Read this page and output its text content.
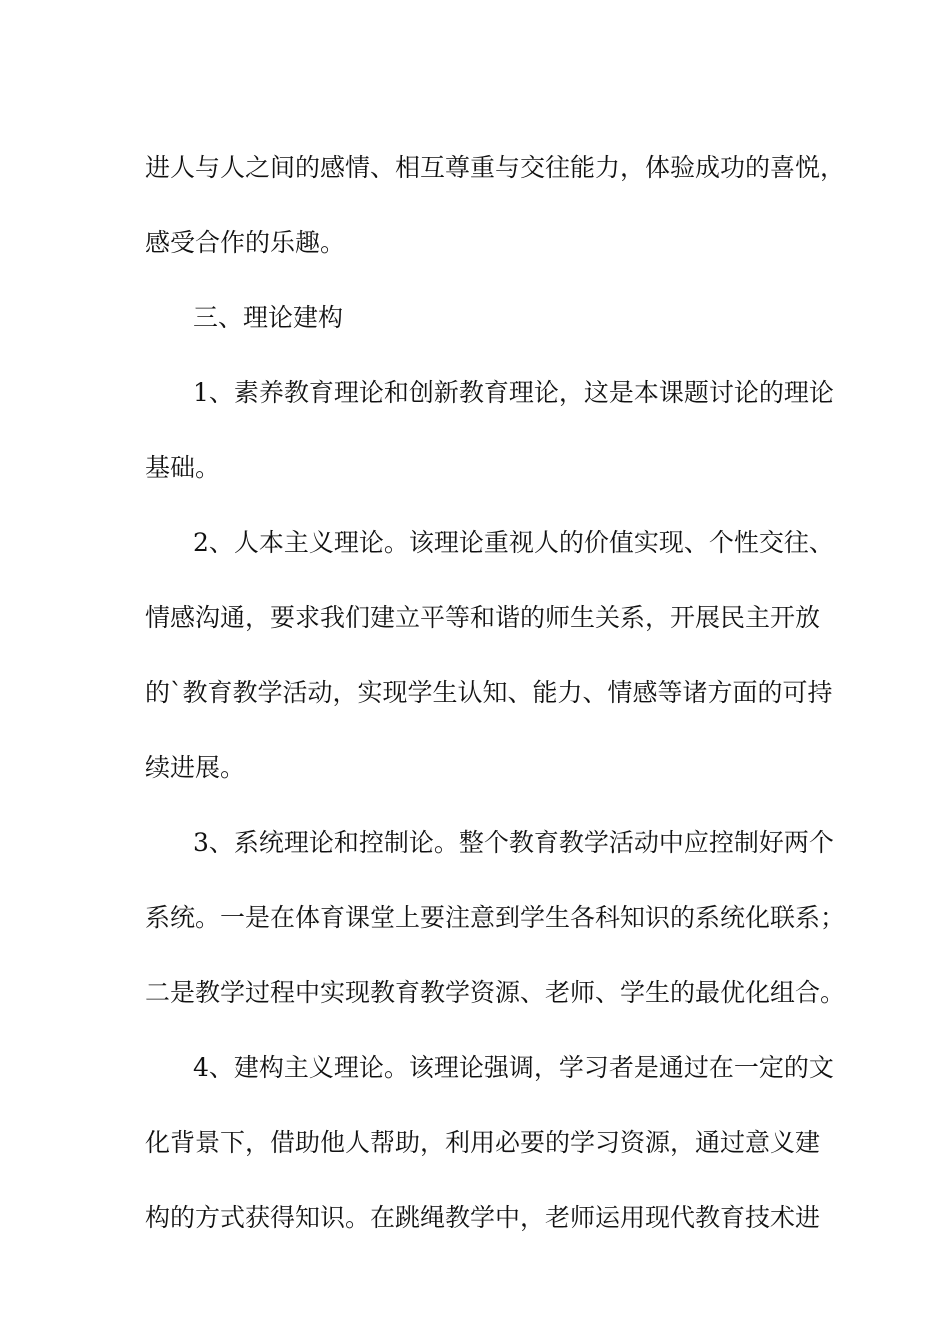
进人与人之间的感情、相互尊重与交往能力，体验成功的喜悦，
感受合作的乐趣。
三、理论建构
1、素养教育理论和创新教育理论，这是本课题讨论的理论
基础。
2、人本主义理论。该理论重视人的价值实现、个性交往、
情感沟通，要求我们建立平等和谐的师生关系，开展民主开放
的`教育教学活动，实现学生认知、能力、情感等诸方面的可持
续进展。
3、系统理论和控制论。整个教育教学活动中应控制好两个
系统。一是在体育课堂上要注意到学生各科知识的系统化联系；
二是教学过程中实现教育教学资源、老师、学生的最优化组合。
4、建构主义理论。该理论强调，学习者是通过在一定的文
化背景下，借助他人帮助，利用必要的学习资源，通过意义建
构的方式获得知识。在跳绳教学中，老师运用现代教育技术进
